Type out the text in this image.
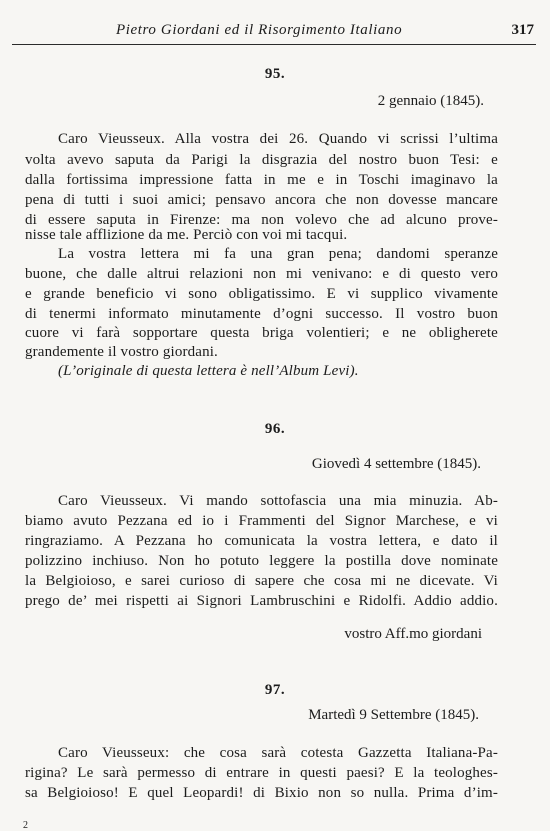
Pietro Giordani ed il Risorgimento Italiano	317
95.
2 gennaio (1845).
Caro Vieusseux. Alla vostra dei 26. Quando vi scrissi l’ultima
volta avevo saputa da Parigi la disgrazia del nostro buon Tesi: e
dalla fortissima impressione fatta in me e in Toschi imaginavo la
pena di tutti i suoi amici; pensavo ancora che non dovesse mancare
di essere saputa in Firenze: ma non volevo che ad alcuno prove-
nisse tale afflizione da me. Perciò con voi mi tacqui.
La vostra lettera mi fa una gran pena; dandomi speranze
buone, che dalle altrui relazioni non mi venivano: e di questo vero
e grande beneficio vi sono obligatissimo. E vi supplico vivamente
di tenermi informato minutamente d’ogni successo. Il vostro buon
cuore vi farà sopportare questa briga volentieri; e ne obligherete
grandemente il vostro giordani.
(L’originale di questa lettera è nell’Album Levi).
96.
Giovedì 4 settembre (1845).
Caro Vieusseux. Vi mando sottofascia una mia minuzia. Ab-
biamo avuto Pezzana ed io i Frammenti del Signor Marchese, e vi
ringraziamo. A Pezzana ho comunicata la vostra lettera, e dato il
polizzino inchiuso. Non ho potuto leggere la postilla dove nominate
la Belgioioso, e sarei curioso di sapere che cosa mi ne dicevate. Vi
prego de’ mei rispetti ai Signori Lambruschini e Ridolfi. Addio addio.
vostro Aff.mo giordani
97.
Martedì 9 Settembre (1845).
Caro Vieusseux: che cosa sarà cotesta Gazzetta Italiana-Pa-
rigina? Le sarà permesso di entrare in questi paesi? E la teologhes-
sa Belgioioso! E quel Leopardi! di Bixio non so nulla. Prima d’im-
2
